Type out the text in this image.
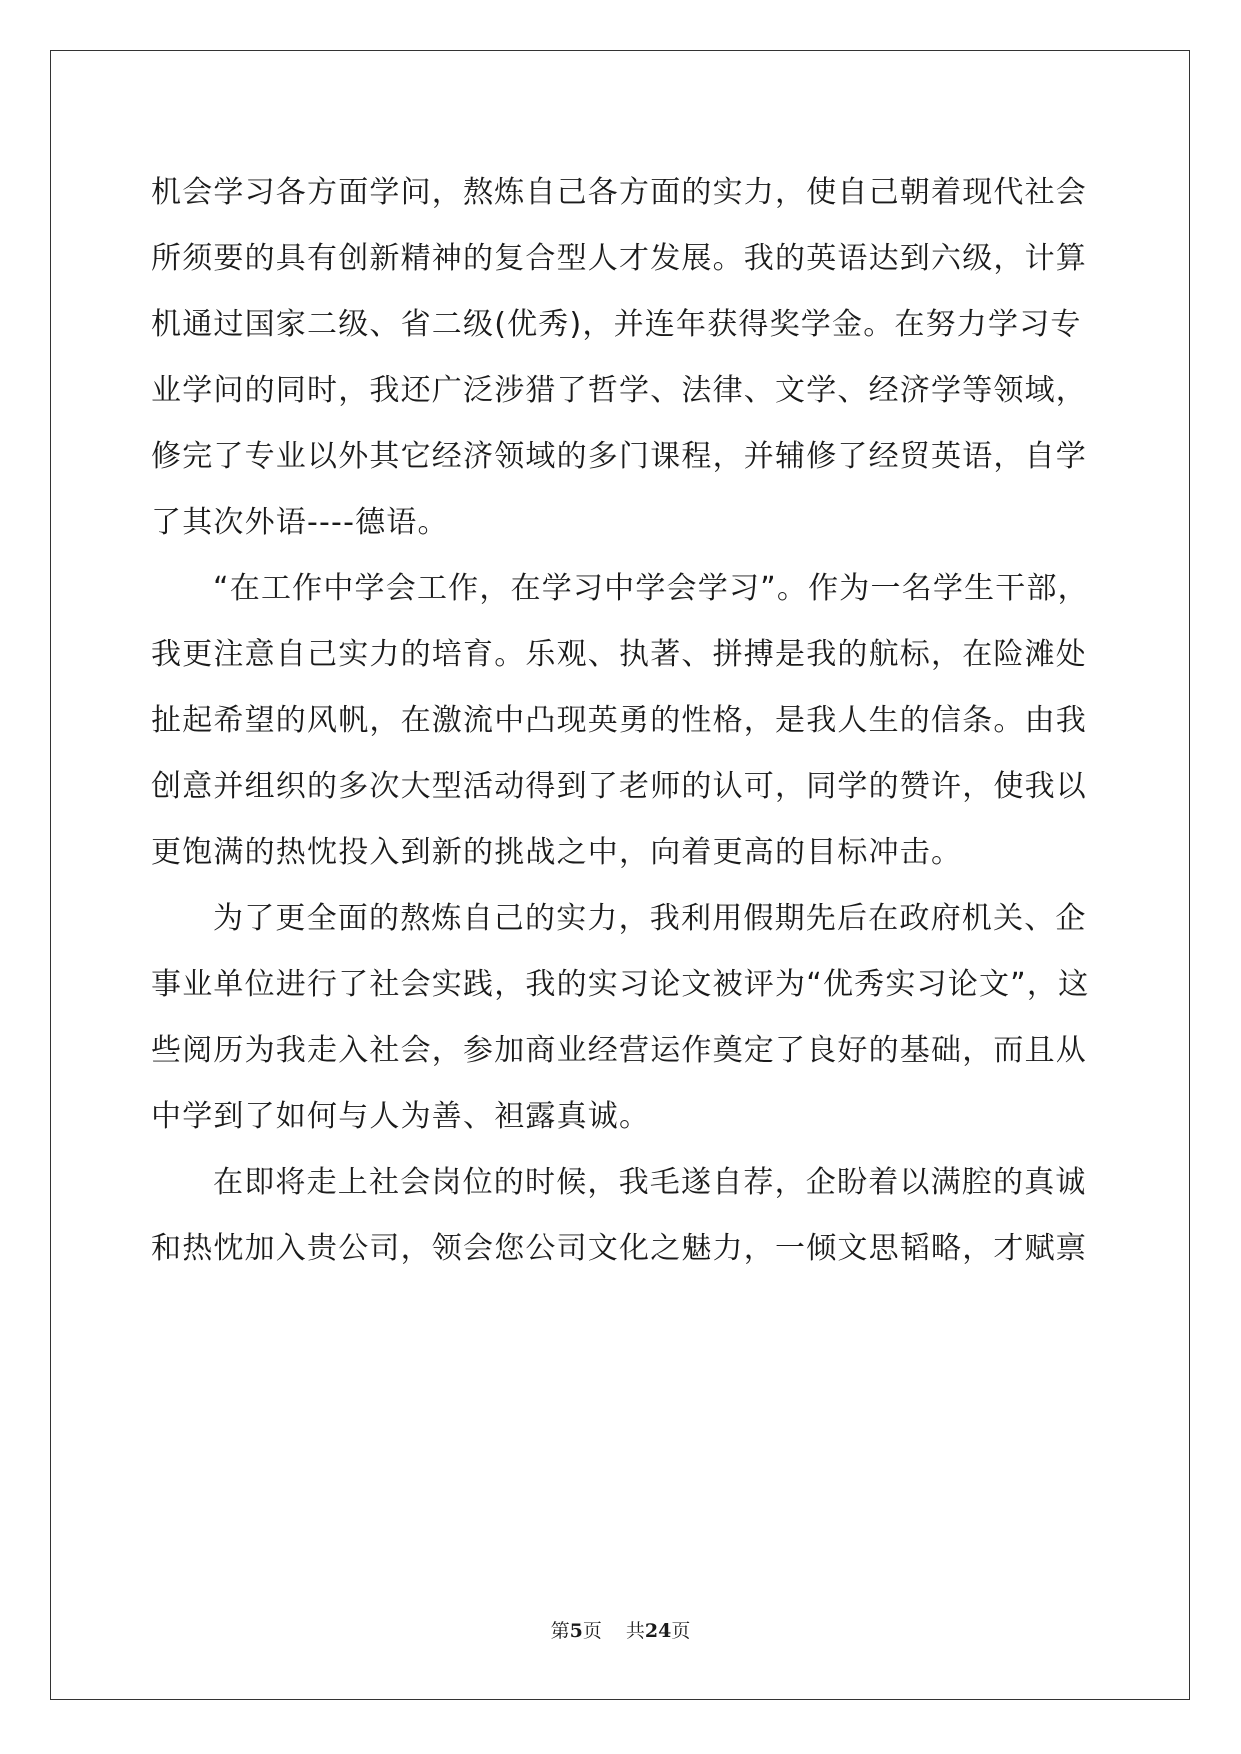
机会学习各方面学问，熬炼自己各方面的实力，使自己朝着现代社会
所须要的具有创新精神的复合型人才发展。我的英语达到六级，计算
机通过国家二级、省二级(优秀)，并连年获得奖学金。在努力学习专
业学问的同时，我还广泛涉猎了哲学、法律、文学、经济学等领域，
修完了专业以外其它经济领域的多门课程，并辅修了经贸英语，自学
了其次外语----德语。
“在工作中学会工作，在学习中学会学习”。作为一名学生干部，
我更注意自己实力的培育。乐观、执著、拼搏是我的航标，在险滩处
扯起希望的风帆，在激流中凸现英勇的性格，是我人生的信条。由我
创意并组织的多次大型活动得到了老师的认可，同学的赞许，使我以
更饱满的热忱投入到新的挑战之中，向着更高的目标冲击。
为了更全面的熬炼自己的实力，我利用假期先后在政府机关、企
事业单位进行了社会实践，我的实习论文被评为“优秀实习论文”，这
些阅历为我走入社会，参加商业经营运作奠定了良好的基础，而且从
中学到了如何与人为善、袒露真诚。
在即将走上社会岗位的时候，我毛遂自荐，企盼着以满腔的真诚
和热忱加入贵公司，领会您公司文化之魅力，一倾文思韬略，才赋禀
第5页 共24页
